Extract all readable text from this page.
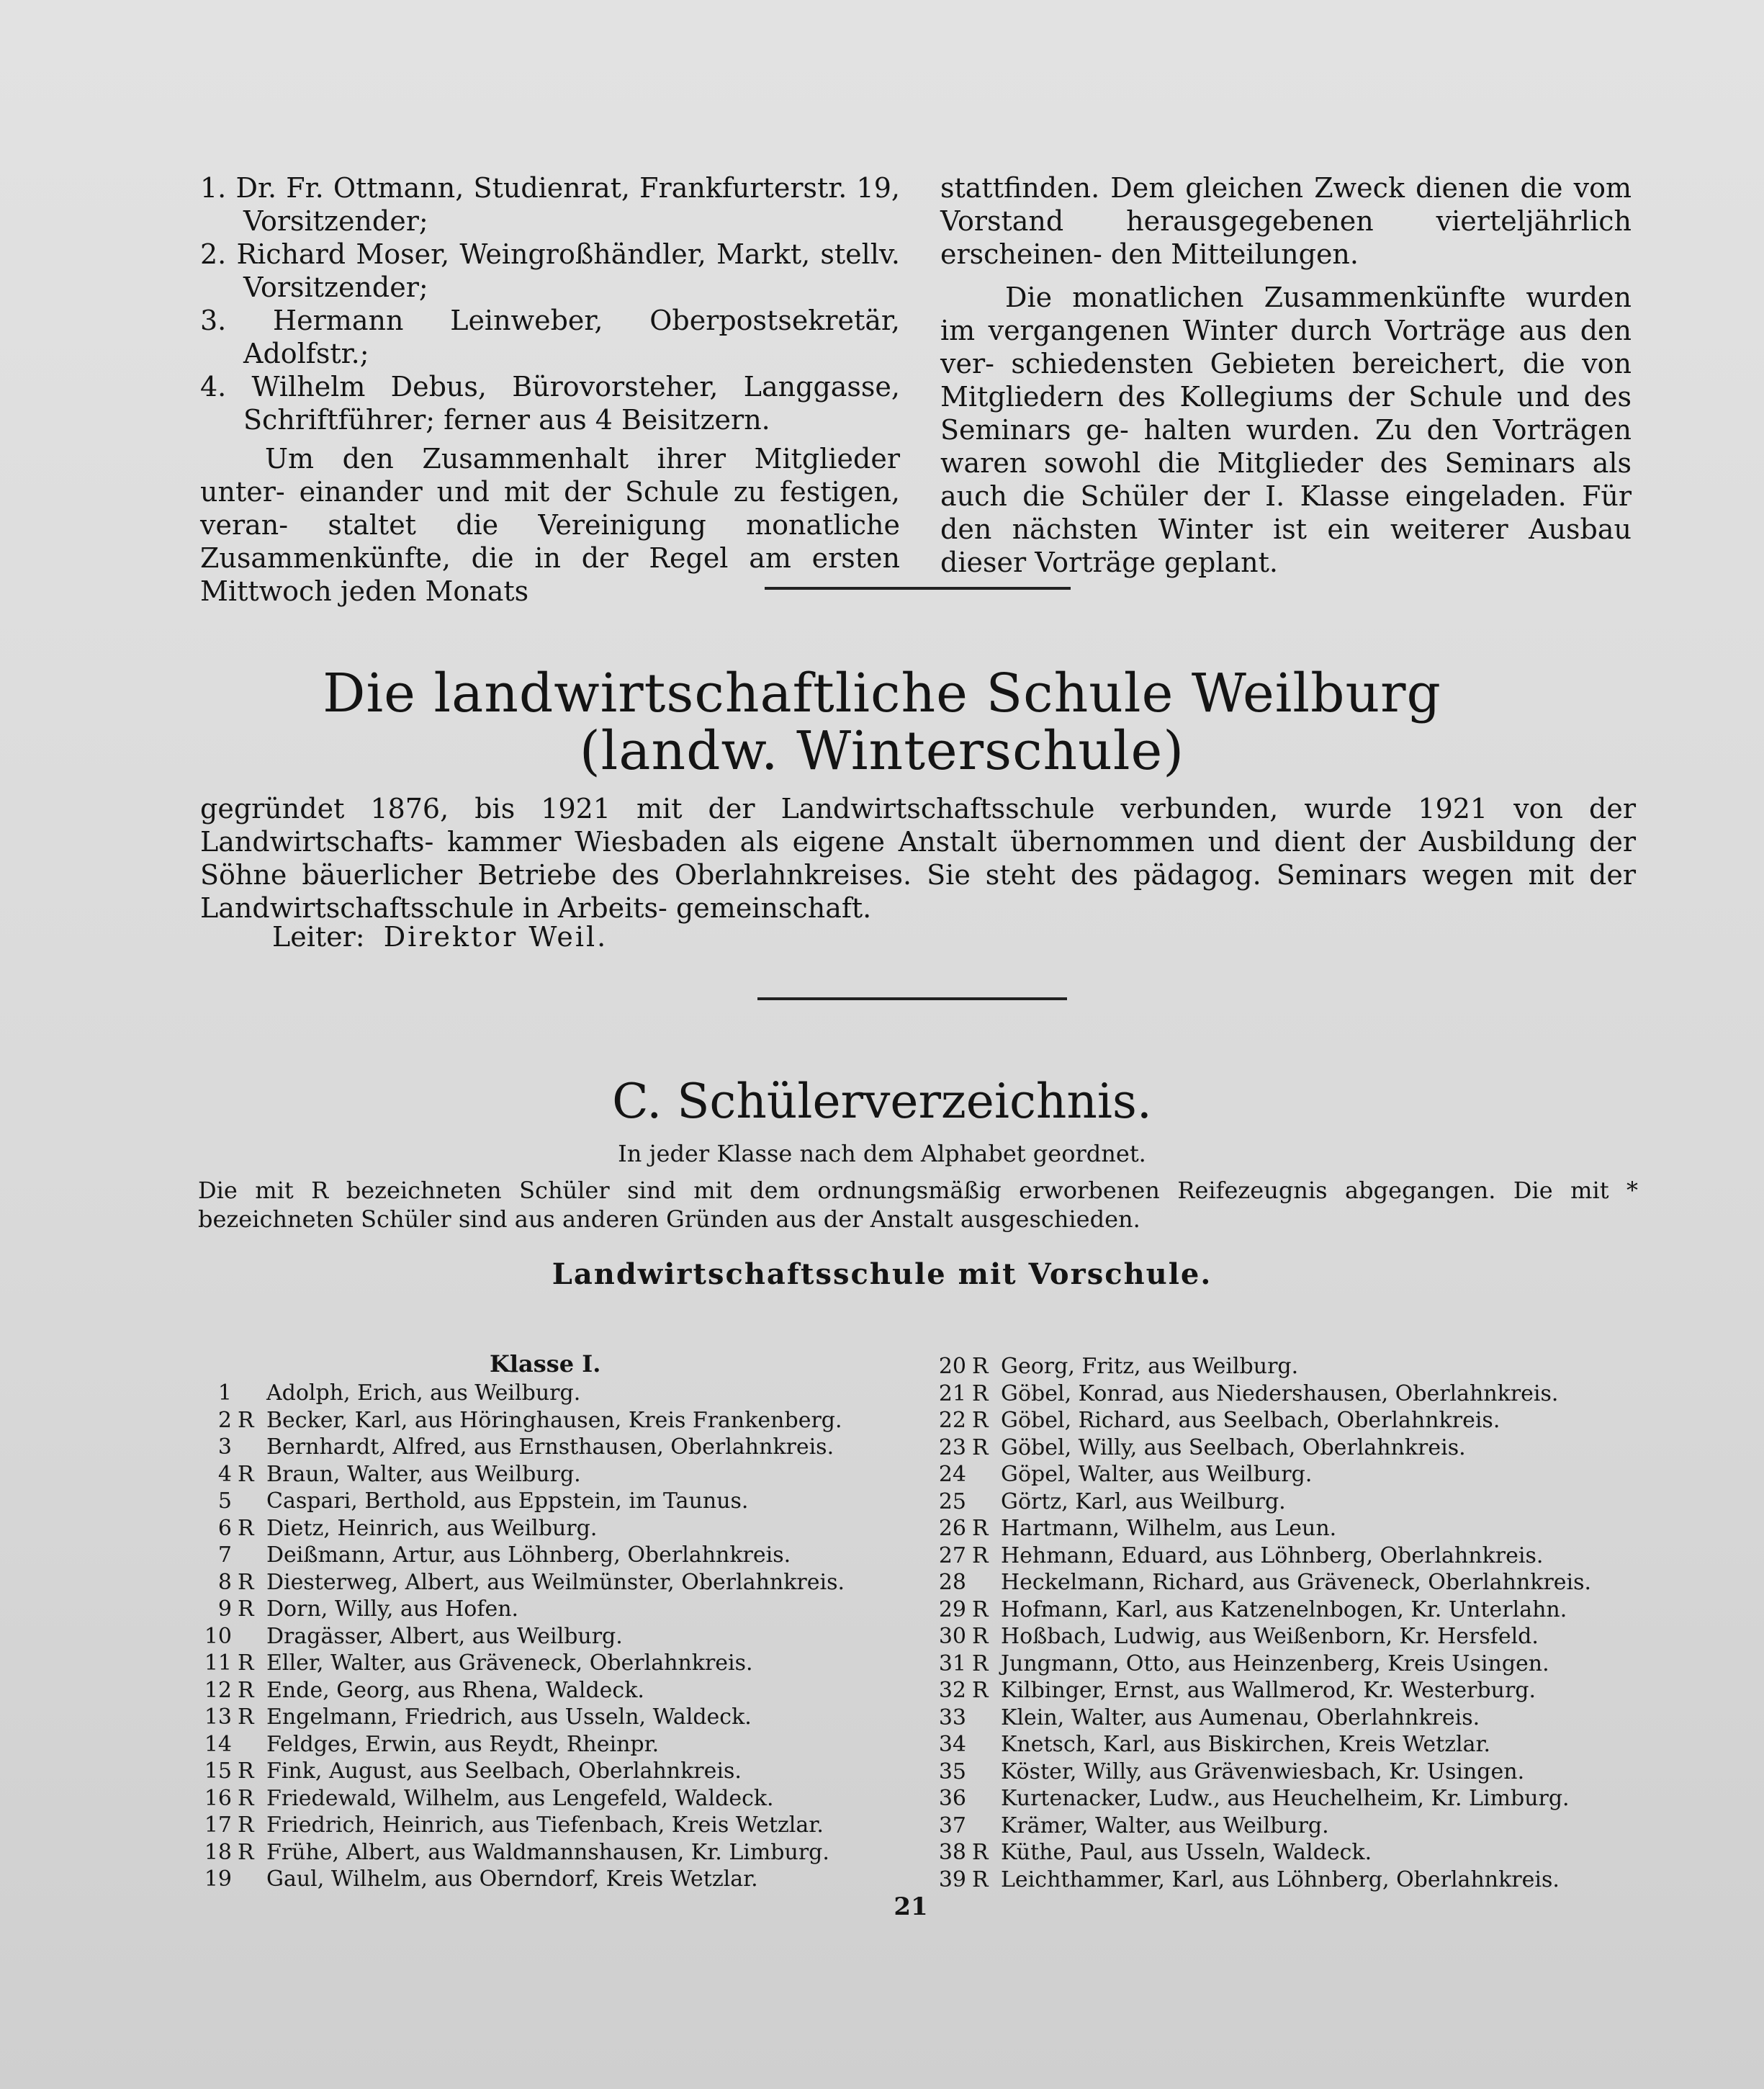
1. Dr. Fr. Ottmann, Studienrat, Frankfurterstr. 19, Vorsitzender;

2. Richard Moser, Weingroßhändler, Markt, stellv. Vorsitzender;

3. Hermann Leinweber, Oberpostsekretär, Adolfstr.;

4. Wilhelm Debus, Bürovorsteher, Langgasse, Schriftführer; ferner aus 4 Beisitzern.

Um den Zusammenhalt ihrer Mitglieder unter- einander und mit der Schule zu festigen, veran- staltet die Vereinigung monatliche Zusammenkünfte, die in der Regel am ersten Mittwoch jeden Monats

stattfinden. Dem gleichen Zweck dienen die vom Vorstand herausgegebenen vierteljährlich erscheinen- den Mitteilungen.

Die monatlichen Zusammenkünfte wurden im vergangenen Winter durch Vorträge aus den ver- schiedensten Gebieten bereichert, die von Mitgliedern des Kollegiums der Schule und des Seminars ge- halten wurden. Zu den Vorträgen waren sowohl die Mitglieder des Seminars als auch die Schüler der I. Klasse eingeladen. Für den nächsten Winter ist ein weiterer Ausbau dieser Vorträge geplant.

Die landwirtschaftliche Schule Weilburg
(landw. Winterschule)
gegründet 1876, bis 1921 mit der Landwirtschaftsschule verbunden, wurde 1921 von der Landwirtschafts- kammer Wiesbaden als eigene Anstalt übernommen und dient der Ausbildung der Söhne bäuerlicher Betriebe des Oberlahnkreises. Sie steht des pädagog. Seminars wegen mit der Landwirtschaftsschule in Arbeits- gemeinschaft.
Leiter: Direktor Weil.
C. Schülerverzeichnis.
In jeder Klasse nach dem Alphabet geordnet.
Die mit R bezeichneten Schüler sind mit dem ordnungsmäßig erworbenen Reifezeugnis abgegangen. Die mit * bezeichneten Schüler sind aus anderen Gründen aus der Anstalt ausgeschieden.
Landwirtschaftsschule mit Vorschule.
Klasse I.
1 Adolph, Erich, aus Weilburg.
2 R Becker, Karl, aus Höringhausen, Kreis Frankenberg.
3 Bernhardt, Alfred, aus Ernsthausen, Oberlahnkreis.
4 R Braun, Walter, aus Weilburg.
5 Caspari, Berthold, aus Eppstein, im Taunus.
6 R Dietz, Heinrich, aus Weilburg.
7 Deißmann, Artur, aus Löhnberg, Oberlahnkreis.
8 R Diesterweg, Albert, aus Weilmünster, Oberlahnkreis.
9 R Dorn, Willy, aus Hofen.
10 Dragässer, Albert, aus Weilburg.
11 R Eller, Walter, aus Gräveneck, Oberlahnkreis.
12 R Ende, Georg, aus Rhena, Waldeck.
13 R Engelmann, Friedrich, aus Usseln, Waldeck.
14 Feldges, Erwin, aus Reydt, Rheinpr.
15 R Fink, August, aus Seelbach, Oberlahnkreis.
16 R Friedewald, Wilhelm, aus Lengefeld, Waldeck.
17 R Friedrich, Heinrich, aus Tiefenbach, Kreis Wetzlar.
18 R Frühe, Albert, aus Waldmannshausen, Kr. Limburg.
19 Gaul, Wilhelm, aus Oberndorf, Kreis Wetzlar.
20 R Georg, Fritz, aus Weilburg.
21 R Göbel, Konrad, aus Niedershausen, Oberlahnkreis.
22 R Göbel, Richard, aus Seelbach, Oberlahnkreis.
23 R Göbel, Willy, aus Seelbach, Oberlahnkreis.
24 Göpel, Walter, aus Weilburg.
25 Görtz, Karl, aus Weilburg.
26 R Hartmann, Wilhelm, aus Leun.
27 R Hehmann, Eduard, aus Löhnberg, Oberlahnkreis.
28 Heckelmann, Richard, aus Gräveneck, Oberlahnkreis.
29 R Hofmann, Karl, aus Katzenelnbogen, Kr. Unterlahn.
30 R Hoßbach, Ludwig, aus Weißenborn, Kr. Hersfeld.
31 R Jungmann, Otto, aus Heinzenberg, Kreis Usingen.
32 R Kilbinger, Ernst, aus Wallmerod, Kr. Westerburg.
33 Klein, Walter, aus Aumenau, Oberlahnkreis.
34 Knetsch, Karl, aus Biskirchen, Kreis Wetzlar.
35 Köster, Willy, aus Grävenwiesbach, Kr. Usingen.
36 Kurtenacker, Ludw., aus Heuchelheim, Kr. Limburg.
37 Krämer, Walter, aus Weilburg.
38 R Küthe, Paul, aus Usseln, Waldeck.
39 R Leichthammer, Karl, aus Löhnberg, Oberlahnkreis.
21
